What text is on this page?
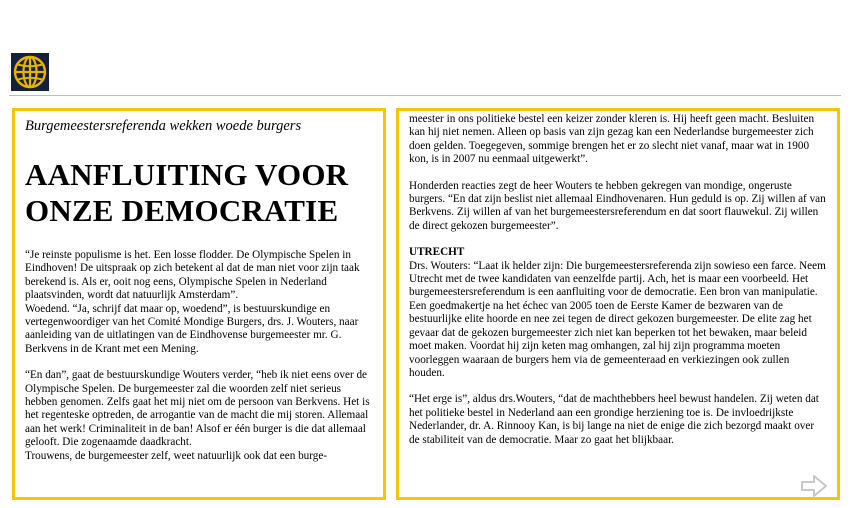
Burgemeestersreferenda wekken woede burgers

AANFLUITING VOOR
ONZE DEMOCRATIE

“Je reinste populisme is het. Een losse flodder. De Olympische Spelen in Eindhoven! De uitspraak op zich betekent al dat de man niet voor zijn taak berekend is. Als er, ooit nog eens, Olympische Spelen in Nederland plaatsvinden, wordt dat natuurlijk Amsterdam”.

Woedend. “Ja, schrijf dat maar op, woedend”, is bestuurskundige en vertegenwoordiger van het Comité Mondige Burgers, drs. J. Wouters, naar aanleiding van de uitlatingen van de Eindhovense burgemeester mr. G. Berkvens in de Krant met een Mening.

“En dan”, gaat de bestuurskundige Wouters verder, “heb ik niet eens over de Olympische Spelen. De burgemeester zal die woorden zelf niet serieus hebben genomen. Zelfs gaat het mij niet om de persoon van Berkvens. Het is het regenteske optreden, de arrogantie van de macht die mij storen. Allemaal aan het werk! Criminaliteit in de ban! Alsof er één burger is die dat allemaal gelooft. Die zogenaamde daadkracht.

Trouwens, de burgemeester zelf, weet natuurlijk ook dat een burge-

meester in ons politieke bestel een keizer zonder kleren is. Hij heeft geen macht. Besluiten kan hij niet nemen. Alleen op basis van zijn gezag kan een Nederlandse burgemeester zich doen gelden. Toegegeven, sommige brengen het er zo slecht niet vanaf, maar wat in 1900 kon, is in 2007 nu eenmaal uitgewerkt”.

Honderden reacties zegt de heer Wouters te hebben gekregen van mondige, ongeruste burgers. “En dat zijn beslist niet allemaal Eindhovenaren. Hun geduld is op. Zij willen af van Berkvens. Zij willen af van het burgemeestersreferendum en dat soort flauwekul. Zij willen de direct gekozen burgemeester”.

UTRECHT

Drs. Wouters: “Laat ik helder zijn: Die burgemeestersreferenda zijn sowieso een farce. Neem Utrecht met de twee kandidaten van eenzelfde partij. Ach, het is maar een voorbeeld. Het burgemeestersreferendum is een aanfluiting voor de democratie. Een bron van manipulatie. Een goedmakertje na het échec van 2005 toen de Eerste Kamer de bezwaren van de bestuurlijke elite hoorde en nee zei tegen de direct gekozen burgemeester. De elite zag het gevaar dat de gekozen burgemeester zich niet kan beperken tot het bewaken, maar beleid moet maken. Voordat hij zijn keten mag omhangen, zal hij zijn programma moeten voorleggen waaraan de burgers hem via de gemeenteraad en verkiezingen ook zullen houden.

“Het erge is”, aldus drs.Wouters, “dat de machthebbers heel bewust handelen. Zij weten dat het politieke bestel in Nederland aan een grondige herziening toe is. De invloedrijkste Nederlander, dr. A. Rinnooy Kan, is bij lange na niet de enige die zich bezorgd maakt over de stabiliteit van de democratie. Maar zo gaat het blijkbaar.
